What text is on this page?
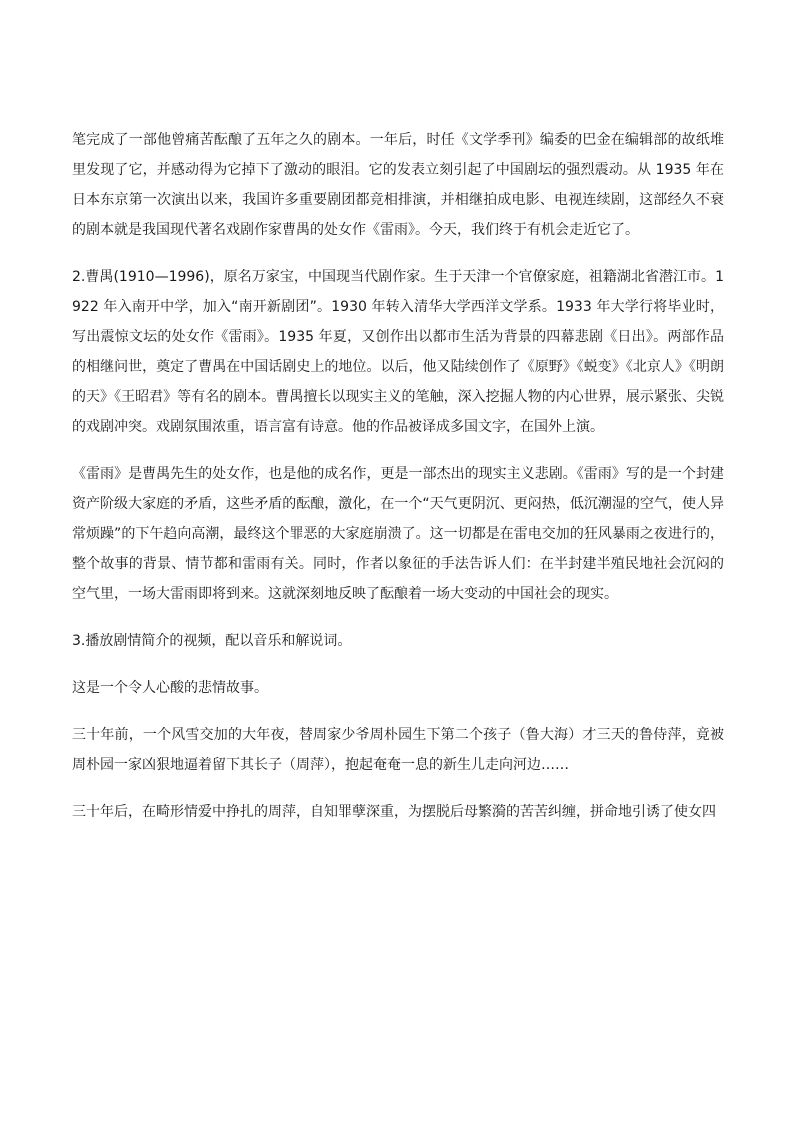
笔完成了一部他曾痛苦酝酿了五年之久的剧本。一年后，时任《文学季刊》编委的巴金在编辑部的故纸堆里发现了它，并感动得为它掉下了激动的眼泪。它的发表立刻引起了中国剧坛的强烈震动。从 1935 年在日本东京第一次演出以来，我国许多重要剧团都竞相排演，并相继拍成电影、电视连续剧，这部经久不衰的剧本就是我国现代著名戏剧作家曹禺的处女作《雷雨》。今天，我们终于有机会走近它了。

2.曹禺(1910—1996)，原名万家宝，中国现当代剧作家。生于天津一个官僚家庭，祖籍湖北省潜江市。1922 年入南开中学，加入“南开新剧团”。1930 年转入清华大学西洋文学系。1933 年大学行将毕业时，写出震惊文坛的处女作《雷雨》。1935 年夏，又创作出以都市生活为背景的四幕悲剧《日出》。两部作品的相继问世，奠定了曹禺在中国话剧史上的地位。以后，他又陆续创作了《原野》《蜕变》《北京人》《明朗的天》《王昭君》等有名的剧本。曹禺擅长以现实主义的笔触，深入挖掘人物的内心世界，展示紧张、尖锐的戏剧冲突。戏剧氛围浓重，语言富有诗意。他的作品被译成多国文字，在国外上演。

《雷雨》是曹禺先生的处女作，也是他的成名作，更是一部杰出的现实主义悲剧。《雷雨》写的是一个封建资产阶级大家庭的矛盾，这些矛盾的酝酿，激化，在一个“天气更阴沉、更闷热，低沉潮湿的空气，使人异常烦躁”的下午趋向高潮，最终这个罪恶的大家庭崩溃了。这一切都是在雷电交加的狂风暴雨之夜进行的，整个故事的背景、情节都和雷雨有关。同时，作者以象征的手法告诉人们：在半封建半殖民地社会沉闷的空气里，一场大雷雨即将到来。这就深刻地反映了酝酿着一场大变动的中国社会的现实。

3.播放剧情简介的视频，配以音乐和解说词。

这是一个令人心酸的悲情故事。

三十年前，一个风雪交加的大年夜，替周家少爷周朴园生下第二个孩子（鲁大海）才三天的鲁侍萍，竟被周朴园一家凶狠地逼着留下其长子（周萍），抱起奄奄一息的新生儿走向河边……

三十年后，在畸形情爱中挣扎的周萍，自知罪孽深重，为摆脱后母繁漪的苦苦纠缠，拼命地引诱了使女四
